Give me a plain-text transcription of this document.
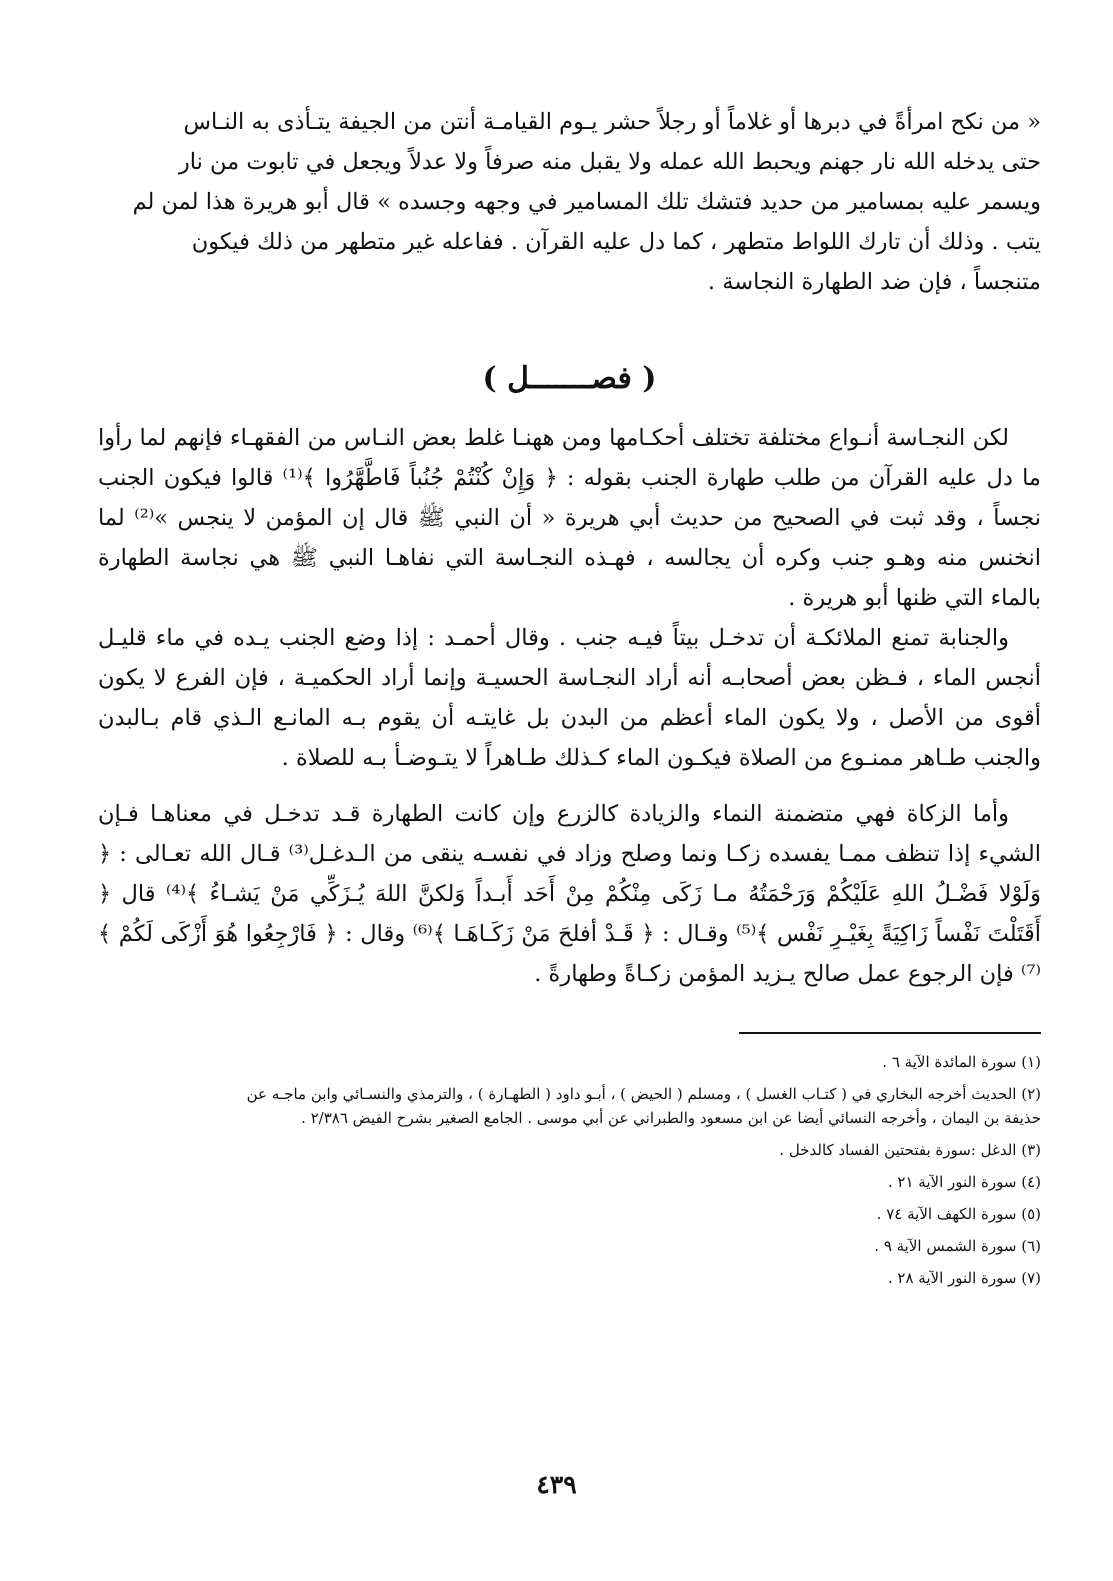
« من نكح امرأةً في دبرها أو غلاماً أو رجلاً حشر يـوم القيامـة أنتن من الجيفة يتـأذى به النـاس

حتى يدخله الله نار جهنم ويحبط الله عمله ولا يقبل منه صرفاً ولا عدلاً ويجعل في تابوت من نار

ويسمر عليه بمسامير من حديد فتشك تلك المسامير في وجهه وجسده » قال أبو هريرة هذا لمن لم

يتب . وذلك أن تارك اللواط متطهر ، كما دل عليه القرآن . ففاعله غير متطهر من ذلك فيكون

متنجساً ، فإن ضد الطهارة النجاسة .

( فصـــــــل )

لكن النجـاسة أنـواع مختلفة تختلف أحكـامها ومن ههنـا غلط بعض النـاس من الفقهـاء فإنهم لما رأوا ما دل عليه القرآن من طلب طهارة الجنب بقوله : ﴿ وَإِنْ كُنْتُمْ جُنُباً فَاطَّهَّرُوا ﴾⁽¹⁾ قالوا فيكون الجنب نجساً ، وقد ثبت في الصحيح من حديث أبي هريرة « أن النبي ﷺ قال إن المؤمن لا ينجس »⁽²⁾ لما انخنس منه وهـو جنب وكره أن يجالسه ، فهـذه النجـاسة التي نفاهـا النبي ﷺ هي نجاسة الطهارة بالماء التي ظنها أبو هريرة .

والجنابة تمنع الملائكـة أن تدخـل بيتاً فيـه جنب . وقال أحمـد : إذا وضع الجنب يـده في ماء قليـل أنجس الماء ، فـظن بعض أصحابـه أنه أراد النجـاسة الحسيـة وإنما أراد الحكميـة ، فإن الفرع لا يكون أقوى من الأصل ، ولا يكون الماء أعظم من البدن بل غايتـه أن يقوم بـه المانـع الـذي قام بـالبدن والجنب طـاهر ممنـوع من الصلاة فيكـون الماء كـذلك طـاهراً لا يتـوضـأ بـه للصلاة .

وأما الزكاة فهي متضمنة النماء والزيادة كالزرع وإن كانت الطهارة قـد تدخـل في معناهـا فـإن الشيء إذا تنظف ممـا يفسده زكـا ونما وصلح وزاد في نفسـه ينقى من الـدغـل⁽³⁾ قـال الله تعـالى : ﴿ وَلَوْلا فَضْـلُ اللهِ عَلَيْكُمْ وَرَحْمَتُهُ مـا زَكَى مِنْكُمْ مِنْ أَحَد أَبـداً وَلكنَّ اللهَ يُـزَكِّي مَنْ يَشـاءُ ﴾⁽⁴⁾ قال ﴿ أَقَتَلْتَ نَفْساً زَاكِيَةً بِغَيْـرِ نَفْس ﴾⁽⁵⁾ وقـال : ﴿ قَـدْ أفلحَ مَنْ زَكَـاهَـا ﴾⁽⁶⁾ وقال : ﴿ فَارْجِعُوا هُوَ أَزْكَى لَكُمْ ﴾⁽⁷⁾ فإن الرجوع عمل صالح يـزيد المؤمن زكـاةً وطهارةً .

(١) سورة المائدة الآية ٦ .

(٢) الحديث أخرجه البخاري في ( كتـاب الغسل ) ، ومسلم ( الحيض ) ، أبـو داود ( الطهـارة ) ، والترمذي والنسـائي وابن ماجـه عن

حذيفة بن اليمان ، وأخرجه النسائي أيضا عن ابن مسعود والطبراني عن أبي موسى . الجامع الصغير بشرح الفيض ٢/٣٨٦ .

(٣) الدغل :سورة بفتحتين الفساد كالدخل .

(٤) سورة النور الآية ٢١ .

(٥) سورة الكهف الآية ٧٤ .

(٦) سورة الشمس الآية ٩ .

(٧) سورة النور الآية ٢٨ .

٤٣٩
